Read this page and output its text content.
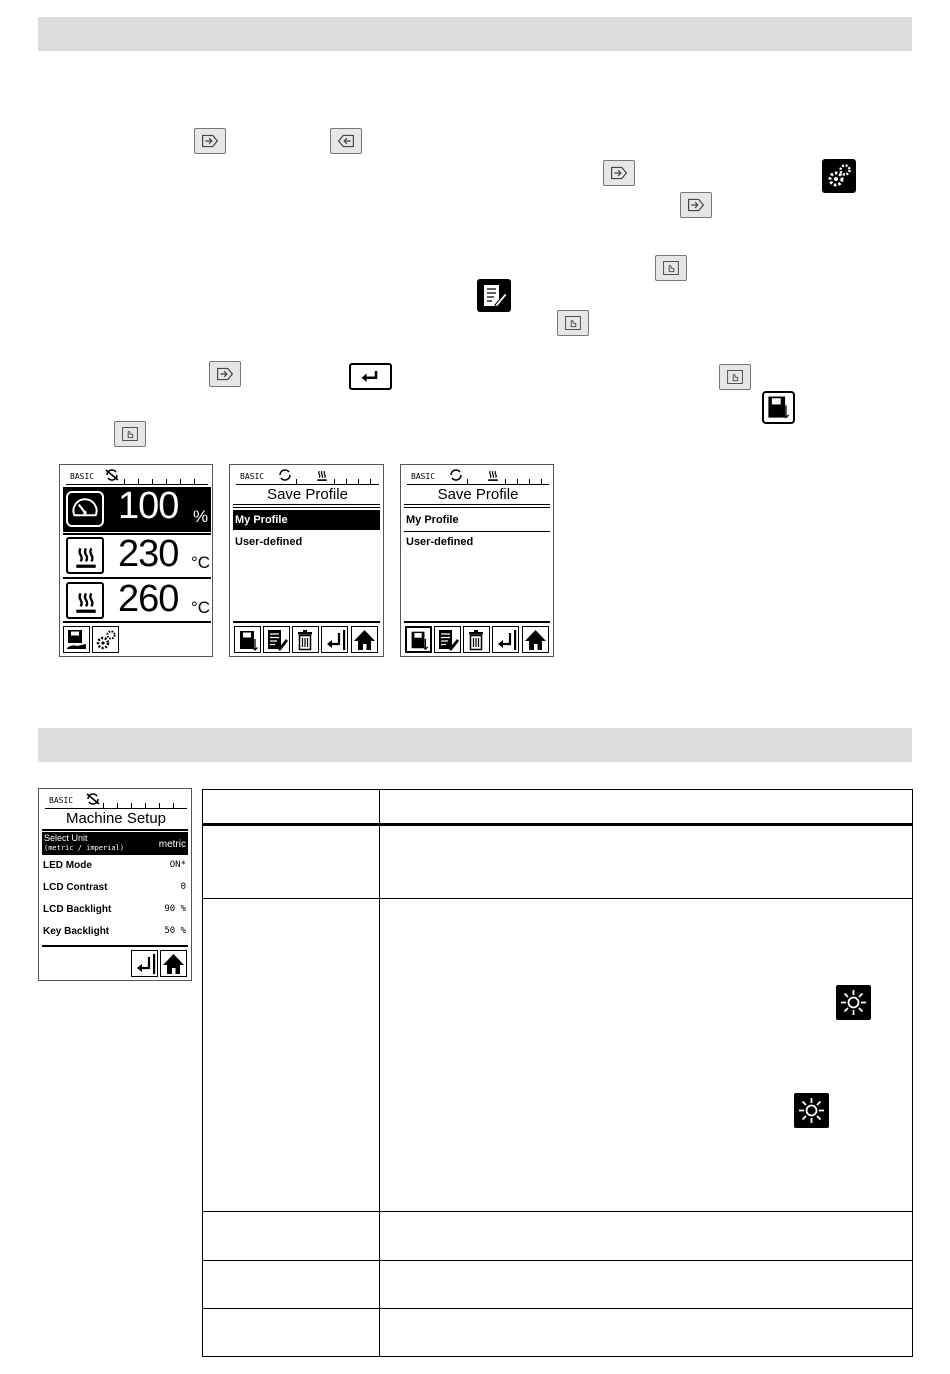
BASIC
100 %
230 °C
260 °C
BASIC
Save Profile
My Profile
User-defined
BASIC
Save Profile
My Profile
User-defined
BASIC
Machine Setup
Select Unit
(metric / imperial)	metric
LED Mode	ON*
LCD Contrast	0
LCD Backlight	90 %
Key Backlight	50 %
